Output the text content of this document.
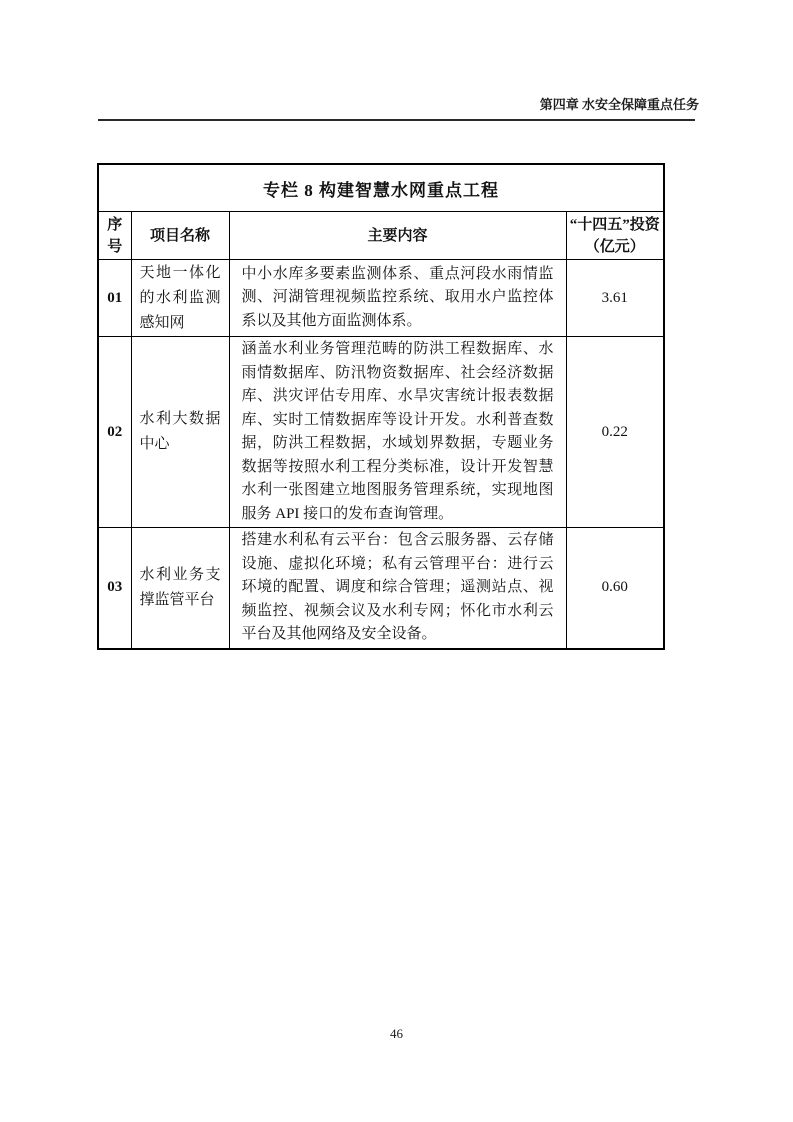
第四章 水安全保障重点任务
专栏 8 构建智慧水网重点工程			
序号	项目名称	主要内容	“十四五”投资（亿元）
01	天地一体化的水利监测感知网	中小水库多要素监测体系、重点河段水雨情监测、河湖管理视频监控系统、取用水户监控体系以及其他方面监测体系。	3.61
02	水利大数据中心	涵盖水利业务管理范畴的防洪工程数据库、水雨情数据库、防汛物资数据库、社会经济数据库、洪灾评估专用库、水旱灾害统计报表数据库、实时工情数据库等设计开发。水利普查数据，防洪工程数据，水域划界数据，专题业务数据等按照水利工程分类标准，设计开发智慧水利一张图建立地图服务管理系统，实现地图服务 API 接口的发布查询管理。	0.22
03	水利业务支撑监管平台	搭建水利私有云平台：包含云服务器、云存储设施、虚拟化环境；私有云管理平台：进行云环境的配置、调度和综合管理；遥测站点、视频监控、视频会议及水利专网；怀化市水利云平台及其他网络及安全设备。	0.60
46
